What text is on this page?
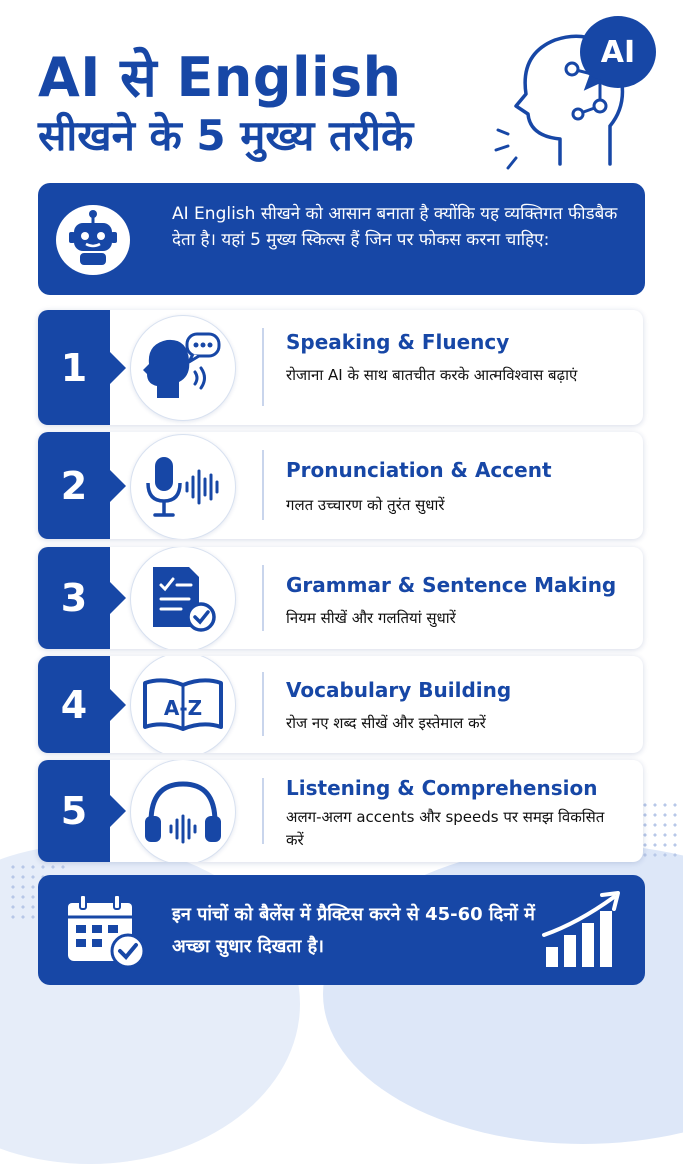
AI से English
सीखने के 5 मुख्य तरीके
AI
AI English सीखने को आसान बनाता है क्योंकि यह व्यक्तिगत फीडबैक देता है। यहां 5 मुख्य स्किल्स हैं जिन पर फोकस करना चाहिए:
1
Speaking & Fluency
रोजाना AI के साथ बातचीत करके आत्मविश्वास बढ़ाएं
2	Pronunciation & Accent
गलत उच्चारण को तुरंत सुधारें
3	Grammar & Sentence Making
नियम सीखें और गलतियां सुधारें
4	A-Z
Vocabulary Building
रोज नए शब्द सीखें और इस्तेमाल करें
5
Listening & Comprehension
अलग-अलग accents और speeds पर समझ विकसित करें
इन पांचों को बैलेंस में प्रैक्टिस करने से 45-60 दिनों में अच्छा सुधार दिखता है।
